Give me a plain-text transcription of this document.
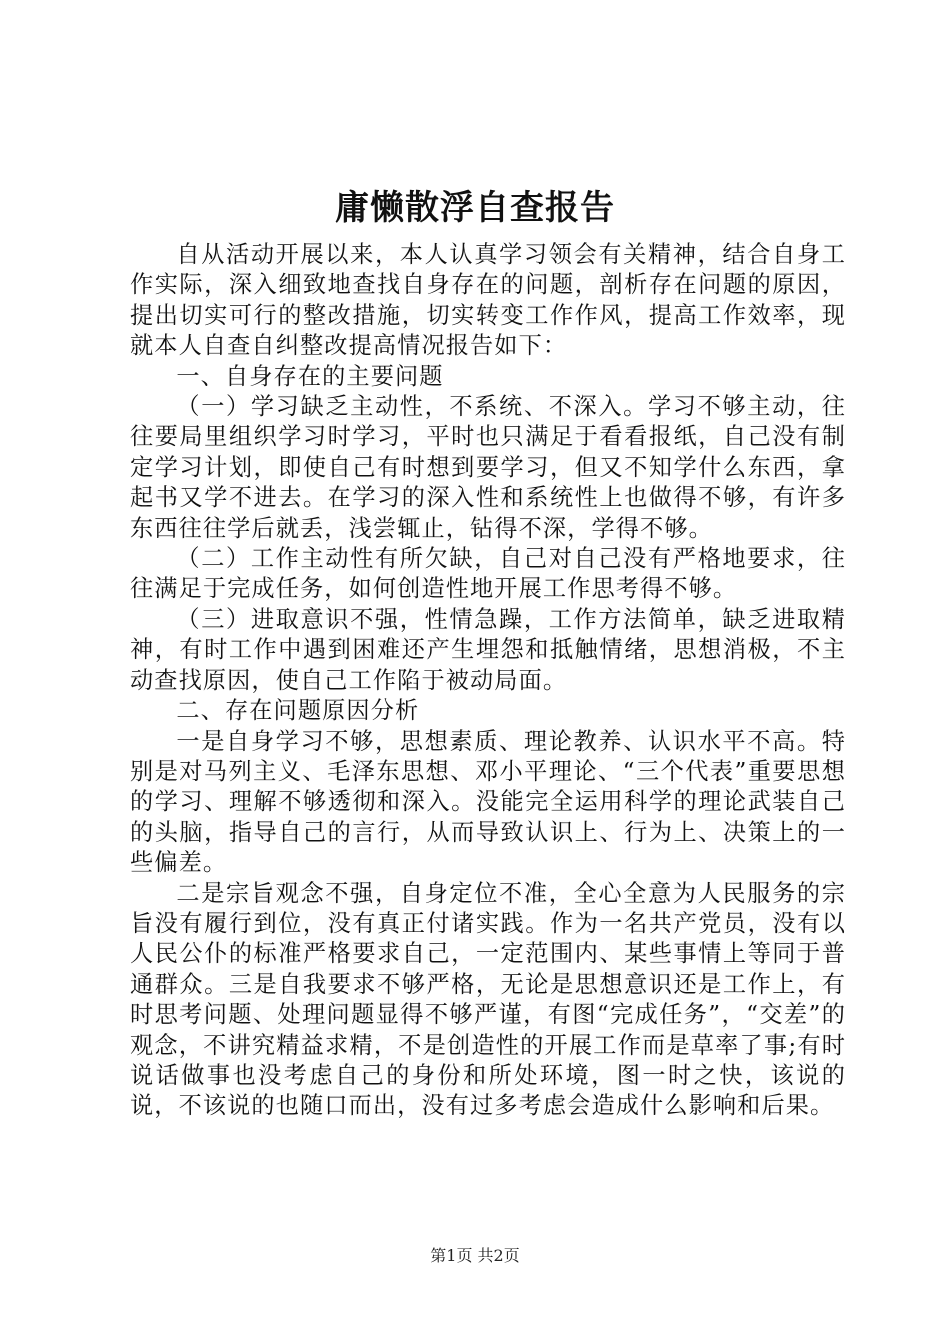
庸懒散浮自查报告

自从活动开展以来，本人认真学习领会有关精神，结合自身工作实际，深入细致地查找自身存在的问题，剖析存在问题的原因，提出切实可行的整改措施，切实转变工作作风，提高工作效率，现就本人自查自纠整改提高情况报告如下：

一、自身存在的主要问题

（一）学习缺乏主动性，不系统、不深入。学习不够主动，往往要局里组织学习时学习，平时也只满足于看看报纸，自己没有制定学习计划，即使自己有时想到要学习，但又不知学什么东西，拿起书又学不进去。在学习的深入性和系统性上也做得不够，有许多东西往往学后就丢，浅尝辄止，钻得不深，学得不够。

（二）工作主动性有所欠缺，自己对自己没有严格地要求，往往满足于完成任务，如何创造性地开展工作思考得不够。

（三）进取意识不强，性情急躁，工作方法简单，缺乏进取精神，有时工作中遇到困难还产生埋怨和抵触情绪，思想消极，不主动查找原因，使自己工作陷于被动局面。

二、存在问题原因分析

一是自身学习不够，思想素质、理论教养、认识水平不高。特别是对马列主义、毛泽东思想、邓小平理论、“三个代表”重要思想的学习、理解不够透彻和深入。没能完全运用科学的理论武装自己的头脑，指导自己的言行，从而导致认识上、行为上、决策上的一些偏差。

二是宗旨观念不强，自身定位不准，全心全意为人民服务的宗旨没有履行到位，没有真正付诸实践。作为一名共产党员，没有以人民公仆的标准严格要求自己，一定范围内、某些事情上等同于普通群众。三是自我要求不够严格，无论是思想意识还是工作上，有时思考问题、处理问题显得不够严谨，有图“完成任务”，“交差”的观念，不讲究精益求精，不是创造性的开展工作而是草率了事;有时说话做事也没考虑自己的身份和所处环境，图一时之快，该说的说，不该说的也随口而出，没有过多考虑会造成什么影响和后果。

第1页 共2页
